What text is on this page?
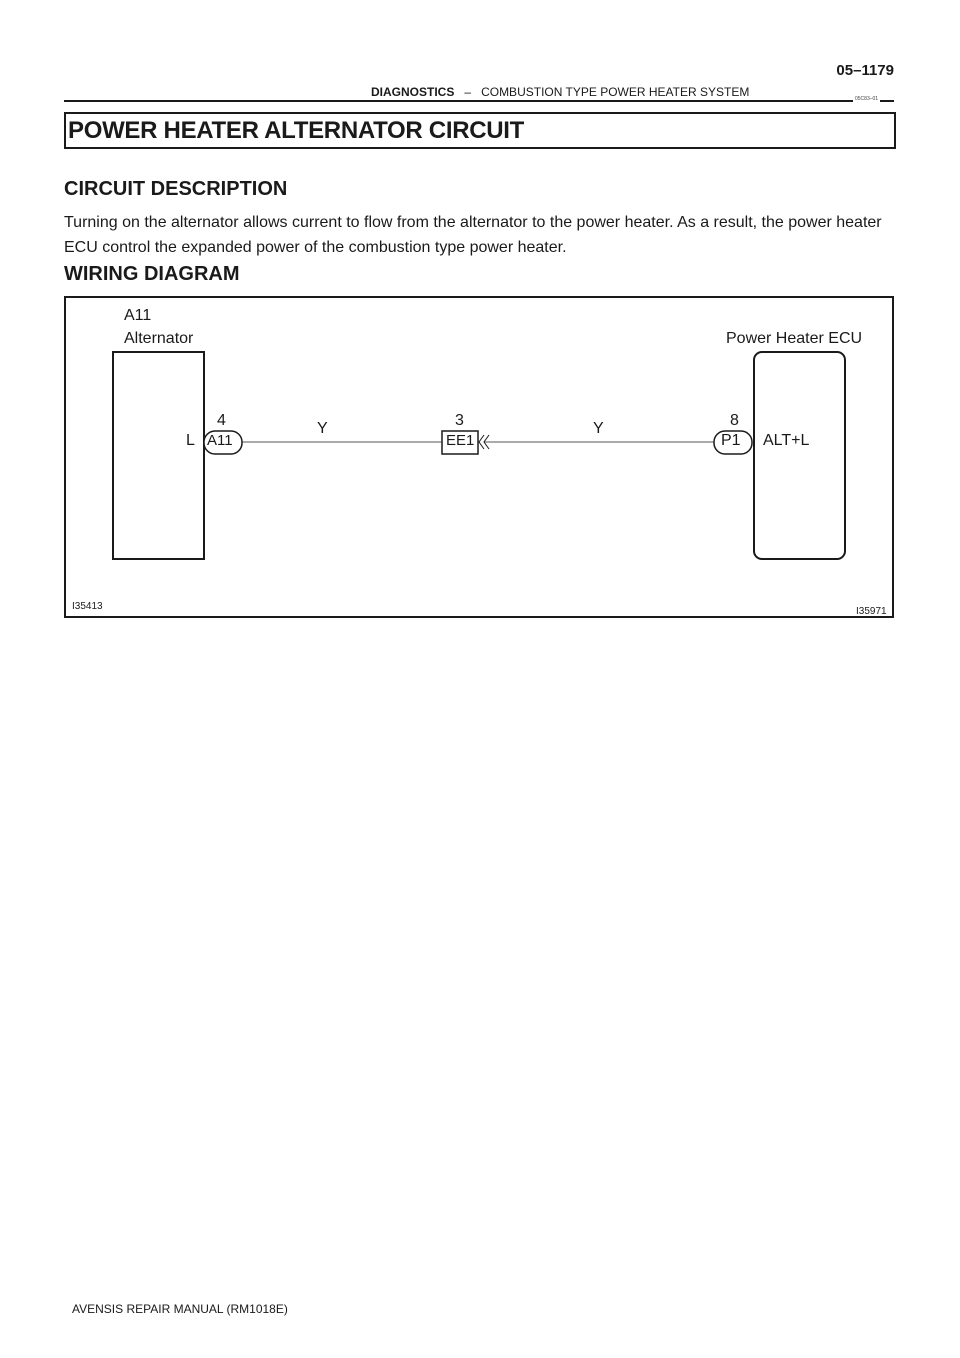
05–1179
DIAGNOSTICS – COMBUSTION TYPE POWER HEATER SYSTEM	05C83–01
POWER HEATER ALTERNATOR CIRCUIT
CIRCUIT DESCRIPTION
Turning on the alternator allows current to flow from the alternator to the power heater. As a result, the power heater ECU control the expanded power of the combustion type power heater.
WIRING DIAGRAM
A11
Alternator	Power Heater ECU
L	ALT+L
4
A11
3
EE1
8
P1
Y	Y
I35413	I35971
AVENSIS REPAIR MANUAL (RM1018E)
